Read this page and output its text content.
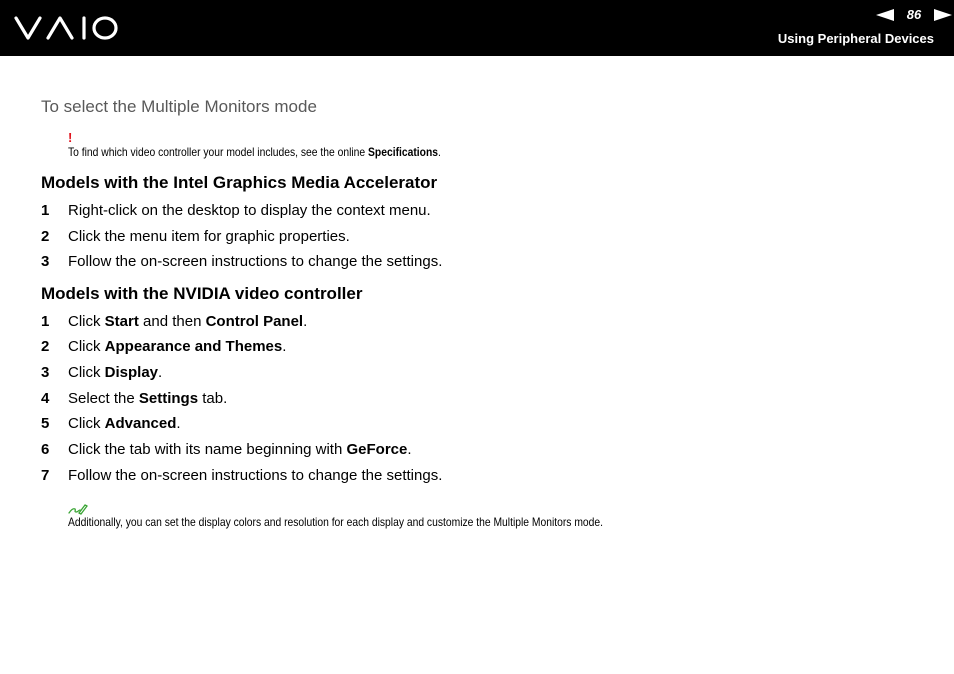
86
Using Peripheral Devices
To select the Multiple Monitors mode
!
To find which video controller your model includes, see the online Specifications.
Models with the Intel Graphics Media Accelerator
1 Right-click on the desktop to display the context menu.
2 Click the menu item for graphic properties.
3 Follow the on-screen instructions to change the settings.
Models with the NVIDIA video controller
1 Click Start and then Control Panel.
2 Click Appearance and Themes.
3 Click Display.
4 Select the Settings tab.
5 Click Advanced.
6 Click the tab with its name beginning with GeForce.
7 Follow the on-screen instructions to change the settings.
Additionally, you can set the display colors and resolution for each display and customize the Multiple Monitors mode.
